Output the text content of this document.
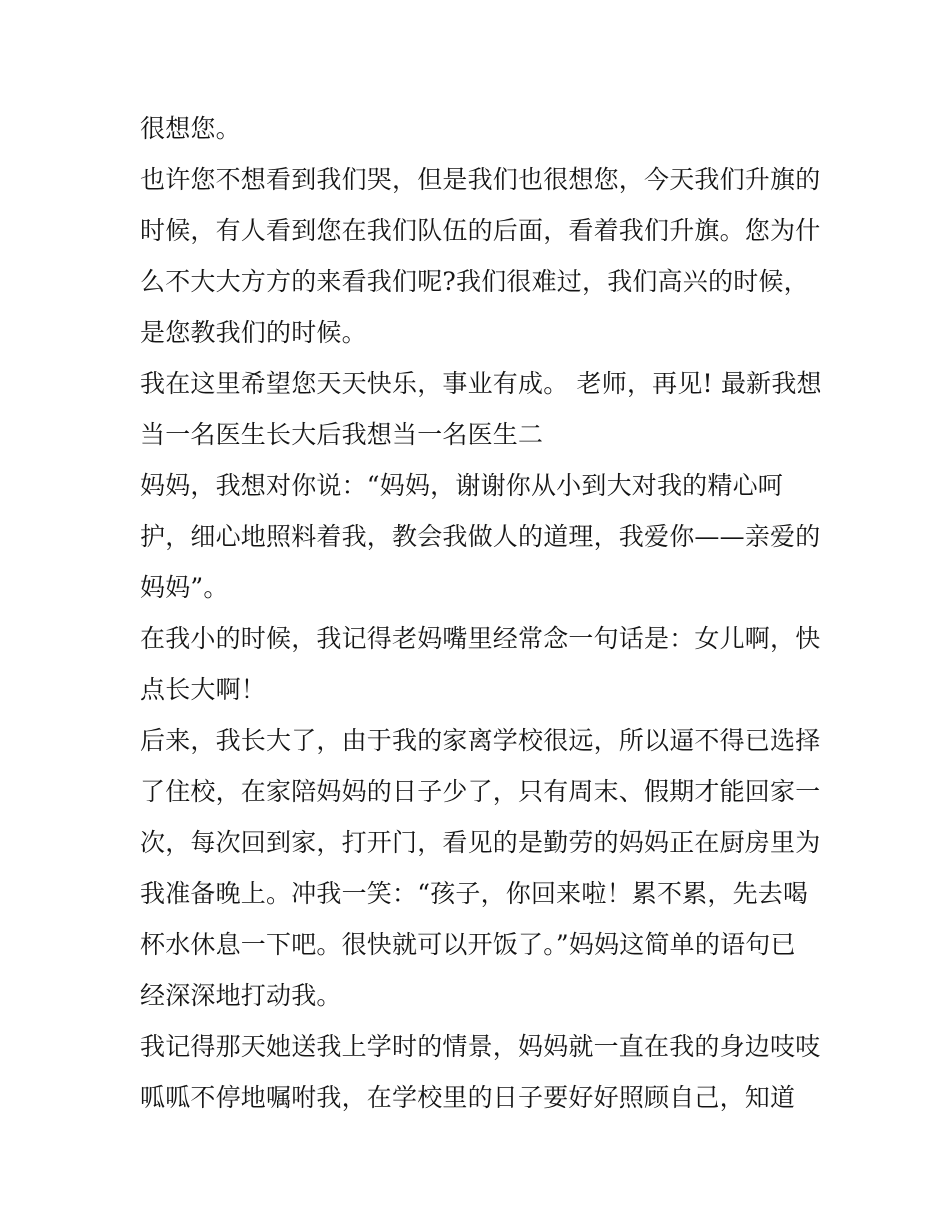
很想您。
也许您不想看到我们哭，但是我们也很想您，今天我们升旗的
时候，有人看到您在我们队伍的后面，看着我们升旗。您为什
么不大大方方的来看我们呢?我们很难过，我们高兴的时候，
是您教我们的时候。
我在这里希望您天天快乐，事业有成。 老师，再见! 最新我想
当一名医生长大后我想当一名医生二
妈妈，我想对你说：“妈妈，谢谢你从小到大对我的精心呵
护，细心地照料着我，教会我做人的道理，我爱你——亲爱的
妈妈”。
在我小的时候，我记得老妈嘴里经常念一句话是：女儿啊，快
点长大啊！
后来，我长大了，由于我的家离学校很远，所以逼不得已选择
了住校，在家陪妈妈的日子少了，只有周末、假期才能回家一
次，每次回到家，打开门，看见的是勤劳的妈妈正在厨房里为
我准备晚上。冲我一笑：“孩子，你回来啦！累不累，先去喝
杯水休息一下吧。很快就可以开饭了。”妈妈这简单的语句已
经深深地打动我。
我记得那天她送我上学时的情景，妈妈就一直在我的身边吱吱
呱呱不停地嘱咐我，在学校里的日子要好好照顾自己，知道
